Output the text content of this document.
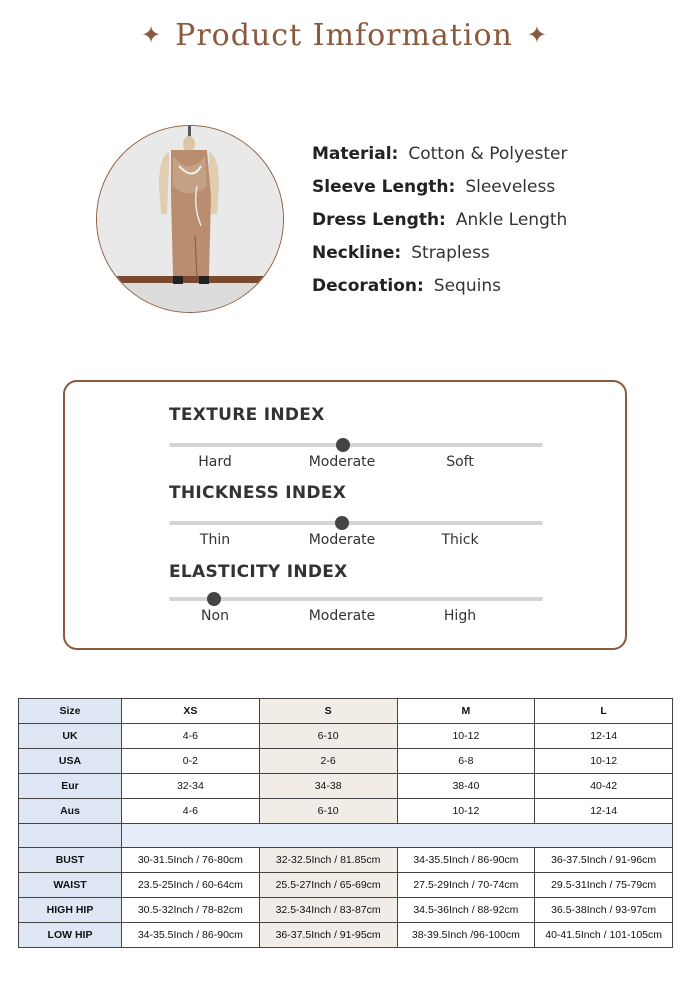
✦ Product Imformation ✦
Material: Cotton & Polyester
Sleeve Length: Sleeveless
Dress Length: Ankle Length
Neckline: Strapless
Decoration: Sequins
TEXTURE INDEX
Hard	Moderate	Soft
THICKNESS INDEX
Thin	Moderate	Thick
ELASTICITY INDEX
Non	Moderate	High
Size	XS	S	M	L
UK	4-6	6-10	10-12	12-14
USA	0-2	2-6	6-8	10-12
Eur	32-34	34-38	38-40	40-42
Aus	4-6	6-10	10-12	12-14

BUST	30-31.5Inch / 76-80cm	32-32.5Inch / 81.85cm	34-35.5Inch / 86-90cm	36-37.5Inch / 91-96cm
WAIST	23.5-25Inch / 60-64cm	25.5-27Inch / 65-69cm	27.5-29Inch / 70-74cm	29.5-31Inch / 75-79cm
HIGH HIP	30.5-32Inch / 78-82cm	32.5-34Inch / 83-87cm	34.5-36Inch / 88-92cm	36.5-38Inch / 93-97cm
LOW HIP	34-35.5Inch / 86-90cm	36-37.5Inch / 91-95cm	38-39.5Inch /96-100cm	40-41.5Inch / 101-105cm
